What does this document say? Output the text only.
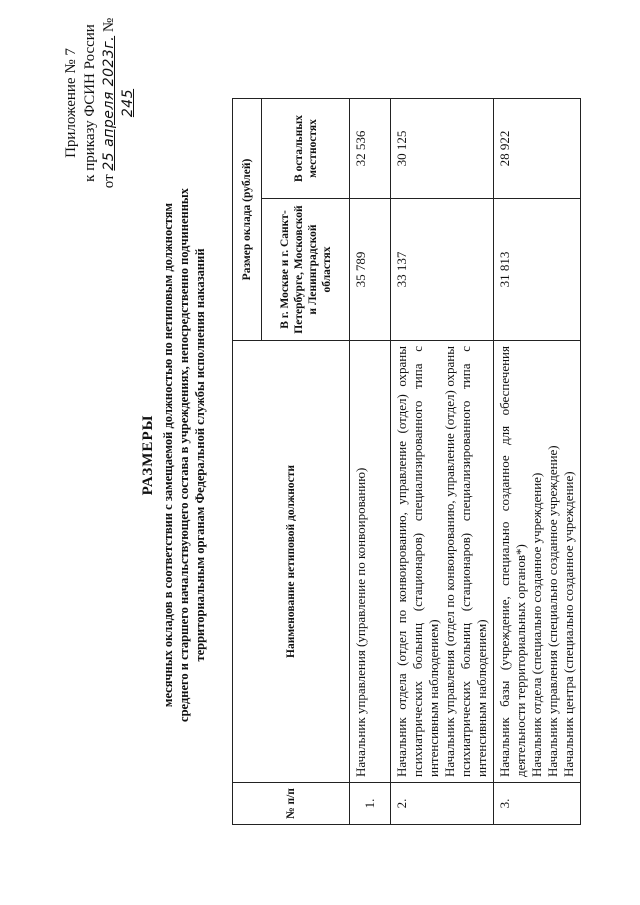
Приложение № 7 к приказу ФСИН России от 25 апреля 2023г. № 245
РАЗМЕРЫ месячных окладов в соответствии с замещаемой должностью по нетиповым должностям среднего и старшего начальствующего состава в учреждениях, непосредственно подчиненных территориальным органам Федеральной службы исполнения наказаний
№ п/п	Наименование нетиповой должности	Размер оклада (рублей)	
		В г. Москве и г. Санкт-Петербурге, Московской и Ленинградской областях	В остальных местностях
1.	Начальник управления (управление по конвоированию)	35 789	32 536
2.	Начальник отдела (отдел по конвоированию, управление (отдел) охраны психиатрических больниц (стационаров) специализированного типа с интенсивным наблюдением) Начальник управления (отдел по конвоированию, управление (отдел) охраны психиатрических больниц (стационаров) специализированного типа с интенсивным наблюдением)	33 137	30 125
3.	Начальник базы (учреждение, специально созданное для обеспечения деятельности территориальных органов*) Начальник отдела (специально созданное учреждение) Начальник управления (специально созданное учреждение) Начальник центра (специально созданное учреждение)	31 813	28 922
